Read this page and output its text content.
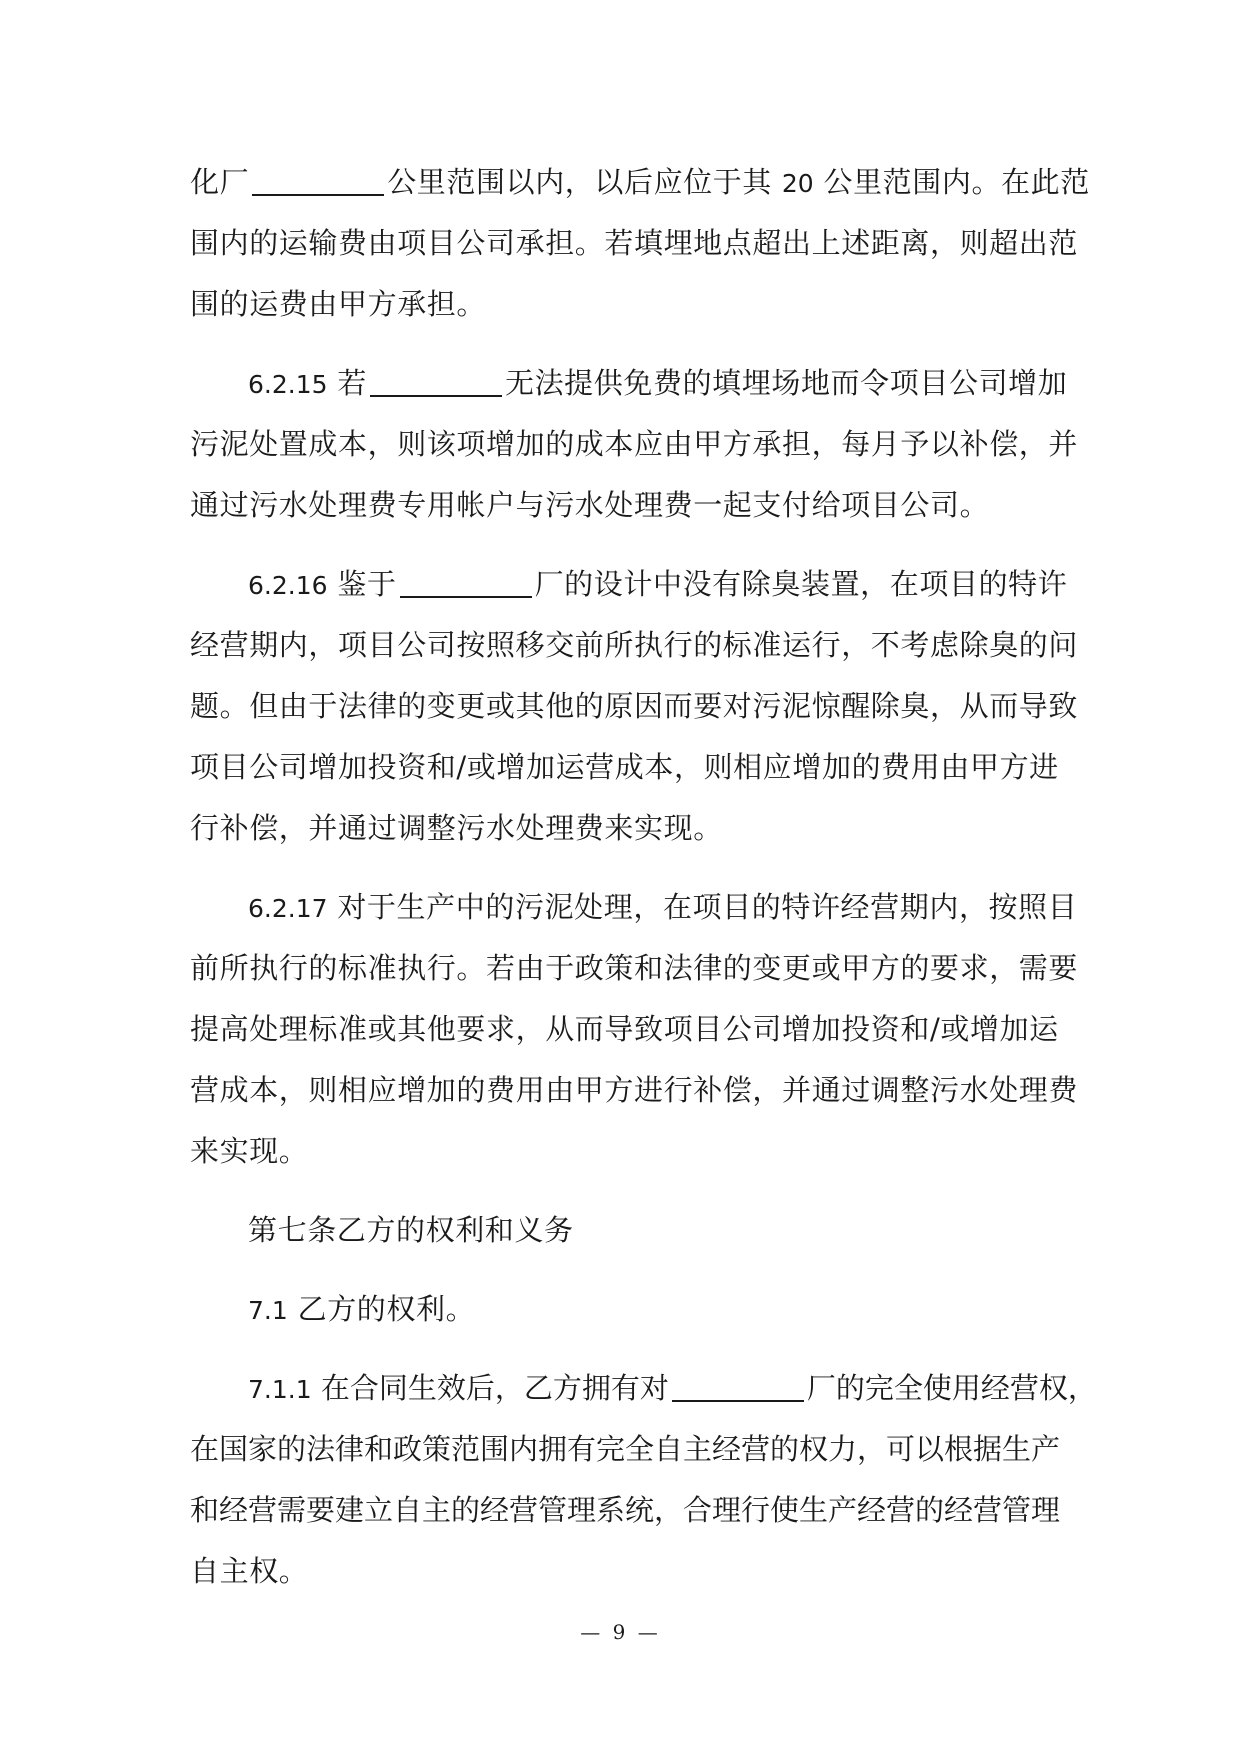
化厂	公里范围以内，以后应位于其 20 公里范围内。在此范
围内的运输费由项目公司承担。若填埋地点超出上述距离，则超出范
围的运费由甲方承担。
6.2.15 若	无法提供免费的填埋场地而令项目公司增加
污泥处置成本，则该项增加的成本应由甲方承担，每月予以补偿，并
通过污水处理费专用帐户与污水处理费一起支付给项目公司。
6.2.16 鉴于	厂的设计中没有除臭装置，在项目的特许
经营期内，项目公司按照移交前所执行的标准运行，不考虑除臭的问
题。但由于法律的变更或其他的原因而要对污泥惊醒除臭，从而导致
项目公司增加投资和/或增加运营成本，则相应增加的费用由甲方进
行补偿，并通过调整污水处理费来实现。
6.2.17 对于生产中的污泥处理，在项目的特许经营期内，按照目
前所执行的标准执行。若由于政策和法律的变更或甲方的要求，需要
提高处理标准或其他要求，从而导致项目公司增加投资和/或增加运
营成本，则相应增加的费用由甲方进行补偿，并通过调整污水处理费
来实现。
第七条乙方的权利和义务
7.1 乙方的权利。
7.1.1 在合同生效后，乙方拥有对	厂的完全使用经营权，
在国家的法律和政策范围内拥有完全自主经营的权力，可以根据生产
和经营需要建立自主的经营管理系统，合理行使生产经营的经营管理
自主权。
— 9 —
